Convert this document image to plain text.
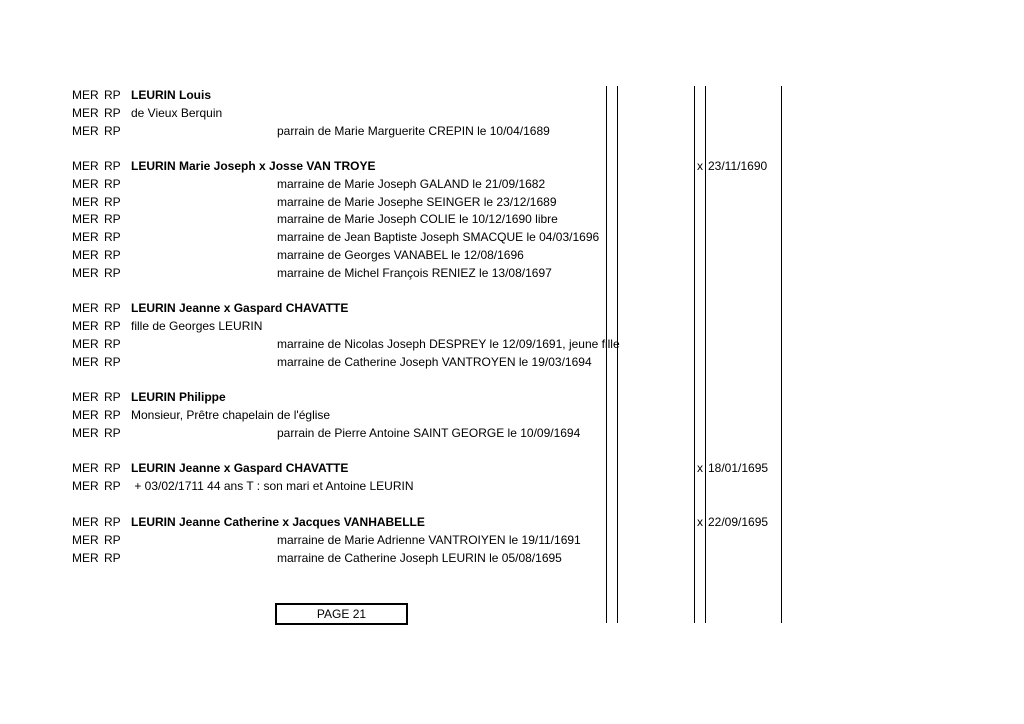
MER RP LEURIN Louis
MER RP de Vieux Berquin
MER RP	parrain de Marie Marguerite CREPIN le 10/04/1689
MER RP LEURIN Marie Joseph x Josse VAN TROYE	x 23/11/1690
MER RP	marraine de Marie Joseph GALAND le 21/09/1682
MER RP	marraine de Marie Josephe SEINGER le 23/12/1689
MER RP	marraine de Marie Joseph COLIE le 10/12/1690 libre
MER RP	marraine de Jean Baptiste Joseph SMACQUE le 04/03/1696
MER RP	marraine de Georges VANABEL le 12/08/1696
MER RP	marraine de Michel François RENIEZ le 13/08/1697
MER RP LEURIN Jeanne x Gaspard CHAVATTE
MER RP fille de Georges LEURIN
MER RP	marraine de Nicolas Joseph DESPREY le 12/09/1691, jeune fille
MER RP	marraine de Catherine Joseph VANTROYEN le 19/03/1694
MER RP LEURIN Philippe
MER RP Monsieur, Prêtre chapelain de l'église
MER RP	parrain de Pierre Antoine SAINT GEORGE le 10/09/1694
MER RP LEURIN Jeanne x Gaspard CHAVATTE	x 18/01/1695
MER RP + 03/02/1711 44 ans T : son mari et Antoine LEURIN
MER RP LEURIN Jeanne Catherine x Jacques VANHABELLE	x 22/09/1695
MER RP	marraine de Marie Adrienne VANTROIYEN le 19/11/1691
MER RP	marraine de Catherine Joseph LEURIN le 05/08/1695
PAGE 21
